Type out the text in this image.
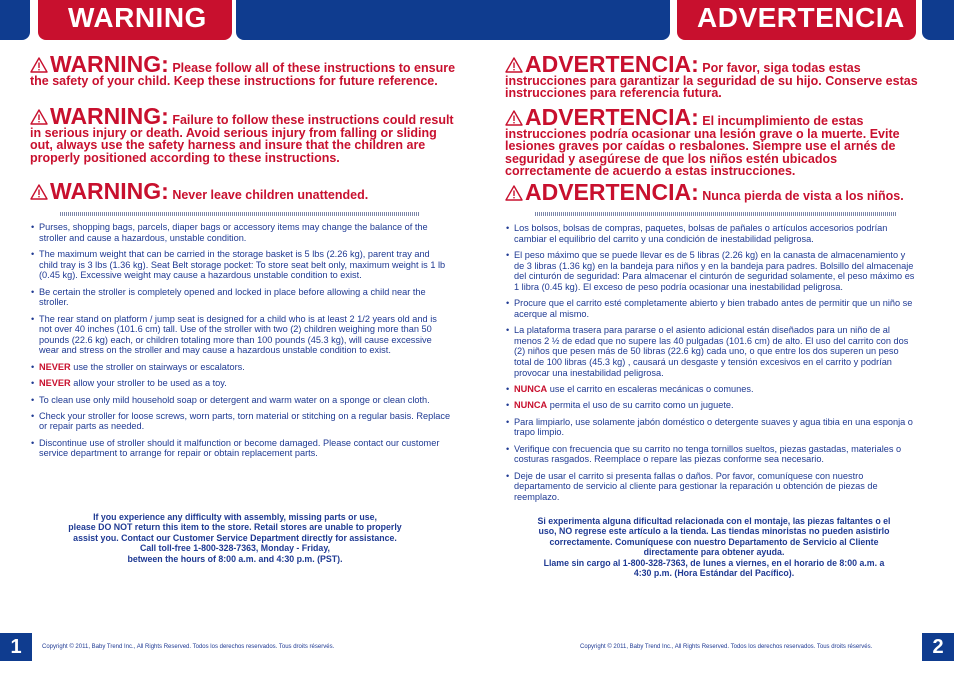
WARNING	ADVERTENCIA
WARNING: Please follow all of these instructions to ensure the safety of your child. Keep these instructions for future reference.
WARNING: Failure to follow these instructions could result in serious injury or death. Avoid serious injury from falling or sliding out, always use the safety harness and insure that the children are properly positioned according to these instructions.
WARNING: Never leave children unattended.
• Purses, shopping bags, parcels, diaper bags or accessory items may change the balance of the stroller and cause a hazardous, unstable condition.
• The maximum weight that can be carried in the storage basket is 5 lbs (2.26 kg), parent tray and child tray is 3 lbs (1.36 kg). Seat Belt storage pocket: To store seat belt only, maximum weight is 1 lb (0.45 kg). Excessive weight may cause a hazardous unstable condition to exist.
• Be certain the stroller is completely opened and locked in place before allowing a child near the stroller.
• The rear stand on platform / jump seat is designed for a child who is at least 2 1/2 years old and is not over 40 inches (101.6 cm) tall. Use of the stroller with two (2) children weighing more than 50 pounds (22.6 kg) each, or children totaling more than 100 pounds (45.3 kg), will cause excessive wear and stress on the stroller and may cause a hazardous unstable condition to exist.
• NEVER use the stroller on stairways or escalators.
• NEVER allow your stroller to be used as a toy.
• To clean use only mild household soap or detergent and warm water on a sponge or clean cloth.
• Check your stroller for loose screws, worn parts, torn material or stitching on a regular basis. Replace or repair parts as needed.
• Discontinue use of stroller should it malfunction or become damaged. Please contact our customer service department to arrange for repair or obtain replacement parts.
If you experience any difficulty with assembly, missing parts or use,
please DO NOT return this item to the store. Retail stores are unable to properly
assist you. Contact our Customer Service Department directly for assistance.
Call toll-free 1-800-328-7363, Monday - Friday,
between the hours of 8:00 a.m. and 4:30 p.m. (PST).
ADVERTENCIA: Por favor, siga todas estas instrucciones para garantizar la seguridad de su hijo. Conserve estas instrucciones para referencia futura.
ADVERTENCIA: El incumplimiento de estas instrucciones podría ocasionar una lesión grave o la muerte. Evite lesiones graves por caídas o resbalones. Siempre use el arnés de seguridad y asegúrese de que los niños estén ubicados correctamente de acuerdo a estas instrucciones.
ADVERTENCIA: Nunca pierda de vista a los niños.
• Los bolsos, bolsas de compras, paquetes, bolsas de pañales o artículos accesorios podrían cambiar el equilibrio del carrito y una condición de inestabilidad peligrosa.
• El peso máximo que se puede llevar es de 5 libras (2.26 kg) en la canasta de almacenamiento y de 3 libras (1.36 kg) en la bandeja para niños y en la bandeja para padres. Bolsillo del almacenaje del cinturón de seguridad: Para almacenar el cinturón de seguridad solamente, el peso máximo es 1 libra (0.45 kg). El exceso de peso podría ocasionar una inestabilidad peligrosa.
• Procure que el carrito esté completamente abierto y bien trabado antes de permitir que un niño se acerque al mismo.
• La plataforma trasera para pararse o el asiento adicional están diseñados para un niño de al menos 2 ½ de edad que no supere las 40 pulgadas (101.6 cm) de alto. El uso del carrito con dos (2) niños que pesen más de 50 libras (22.6 kg) cada uno, o que entre los dos superen un peso total de 100 libras (45.3 kg) , causará un desgaste y tensión excesivos en el carrito y podrían provocar una inestabilidad peligrosa.
• NUNCA use el carrito en escaleras mecánicas o comunes.
• NUNCA permita el uso de su carrito como un juguete.
• Para limpiarlo, use solamente jabón doméstico o detergente suaves y agua tibia en una esponja o trapo limpio.
• Verifique con frecuencia que su carrito no tenga tornillos sueltos, piezas gastadas, materiales o costuras rasgados. Reemplace o repare las piezas conforme sea necesario.
• Deje de usar el carrito si presenta fallas o daños. Por favor, comuníquese con nuestro departamento de servicio al cliente para gestionar la reparación u obtención de piezas de reemplazo.
Si experimenta alguna dificultad relacionada con el montaje, las piezas faltantes o el
uso, NO regrese este artículo a la tienda. Las tiendas minoristas no pueden asistirlo
correctamente. Comuníquese con nuestro Departamento de Servicio al Cliente
directamente para obtener ayuda.
Llame sin cargo al 1-800-328-7363, de lunes a viernes, en el horario de 8:00 a.m. a
4:30 p.m. (Hora Estándar del Pacífico).
1	Copyright © 2011, Baby Trend Inc., All Rights Reserved. Todos los derechos reservados. Tous droits réservés.	Copyright © 2011, Baby Trend Inc., All Rights Reserved. Todos los derechos reservados. Tous droits réservés.	2
